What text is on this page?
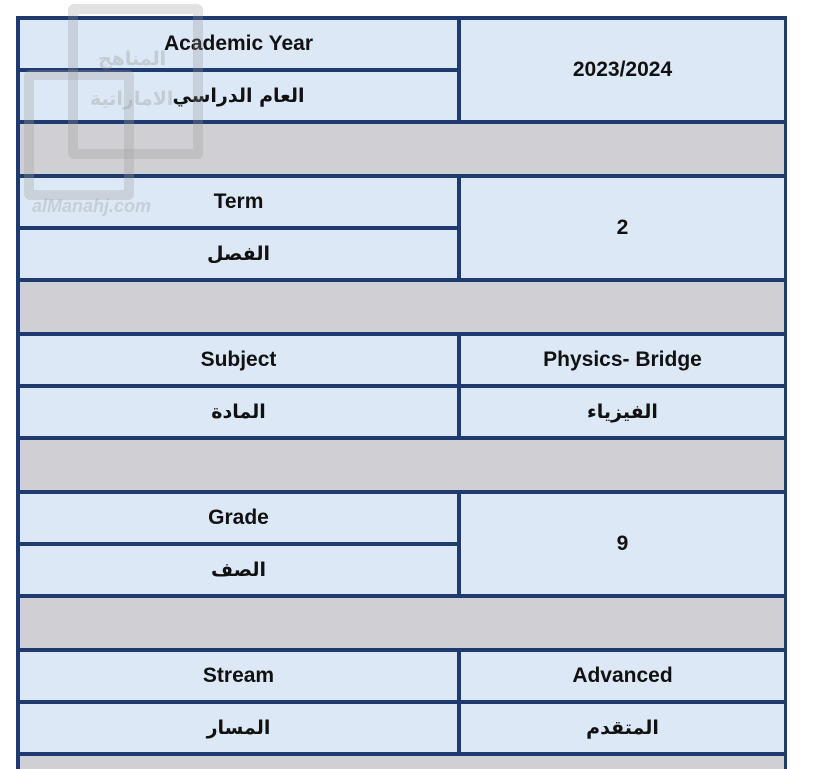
Academic Year
العام الدراسي
2023/2024
Term
الفصل
2
Subject
المادة
Physics- Bridge
الفيزياء
Grade
الصف
9
Stream
المسار
Advanced
المتقدم
المناهج
الاماراتية
alManahj.com
